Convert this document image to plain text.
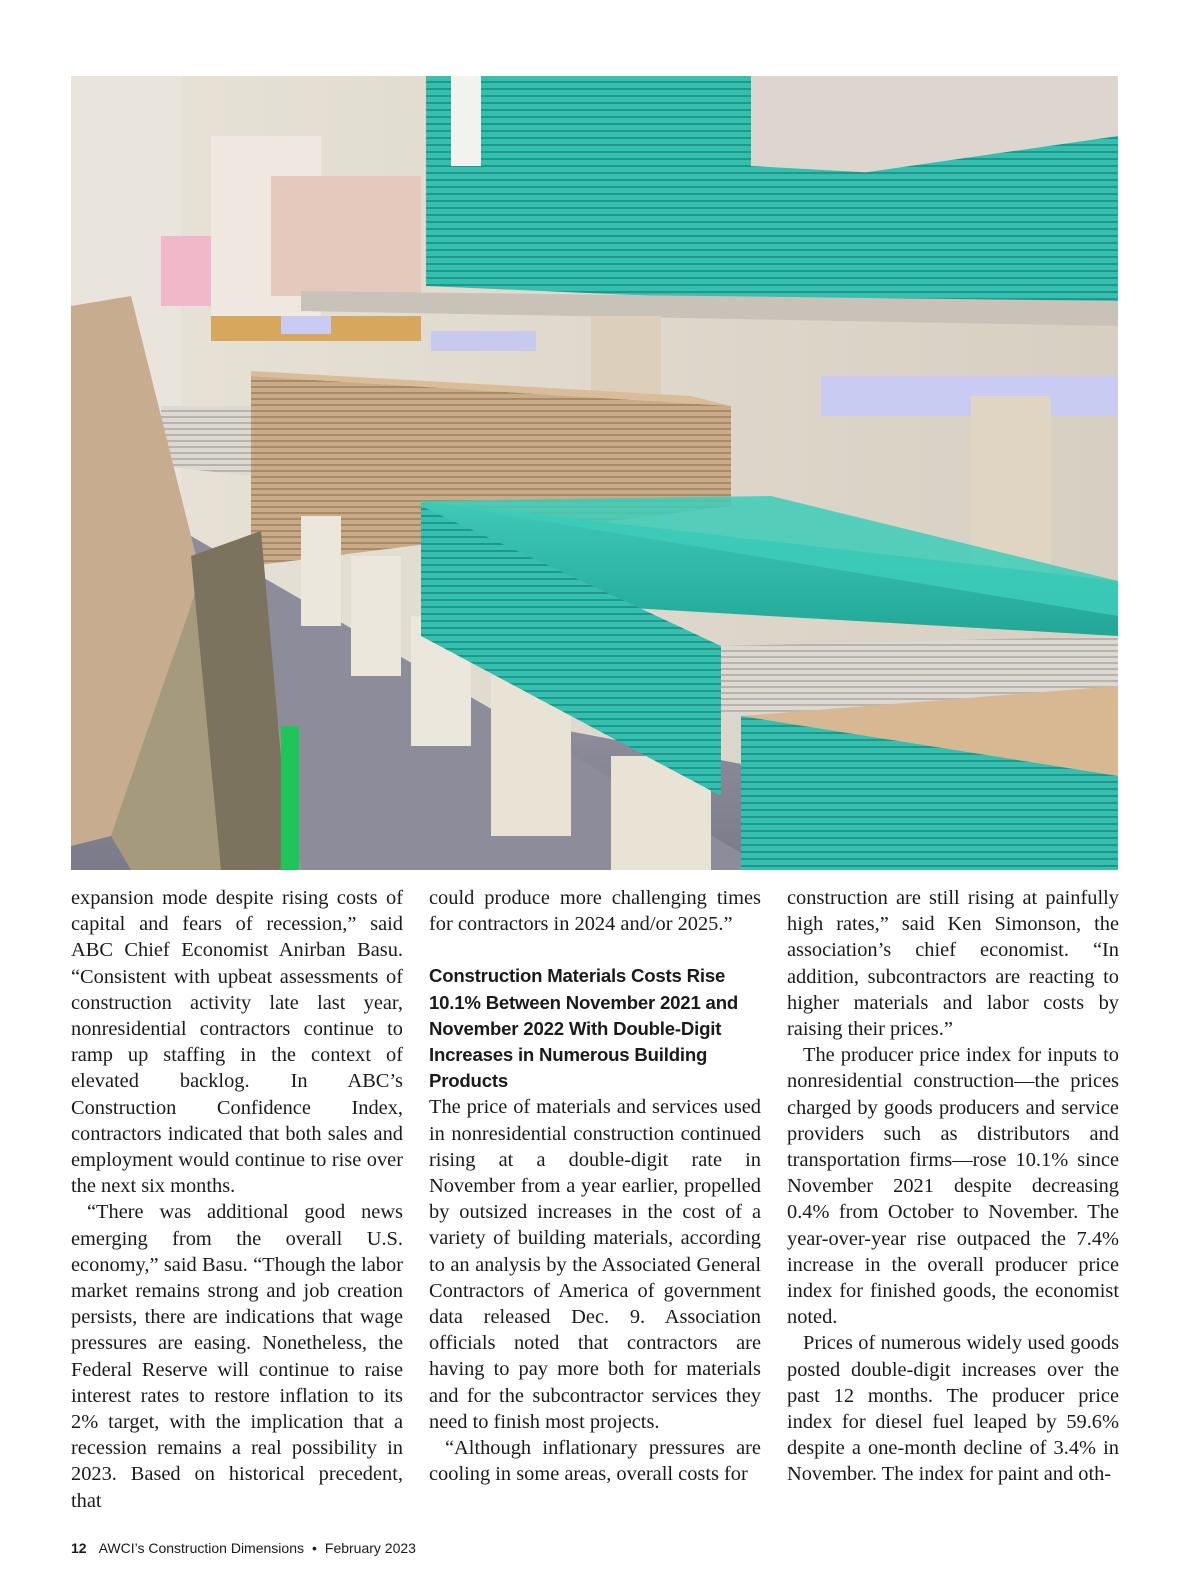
expansion mode despite rising costs of capital and fears of recession,” said ABC Chief Economist Anirban Basu. “Consistent with upbeat assessments of construction activity late last year, nonresidential contractors continue to ramp up staffing in the context of elevated backlog. In ABC’s Construction Confidence Index, contractors indicated that both sales and employment would continue to rise over the next six months.

“There was additional good news emerging from the overall U.S. economy,” said Basu. “Though the labor market remains strong and job creation persists, there are indications that wage pressures are easing. Nonetheless, the Federal Reserve will continue to raise interest rates to restore inflation to its 2% target, with the implication that a recession remains a real possibility in 2023. Based on historical precedent, that

could produce more challenging times for contractors in 2024 and/or 2025.”

Construction Materials Costs Rise 10.1% Between November 2021 and November 2022 With Double-Digit Increases in Numerous Building Products

The price of materials and services used in nonresidential construction continued rising at a double-digit rate in November from a year earlier, propelled by outsized increases in the cost of a variety of building materials, according to an analysis by the Associated General Contractors of America of government data released Dec. 9. Association officials noted that contractors are having to pay more both for materials and for the subcontractor services they need to finish most projects.

“Although inflationary pressures are cooling in some areas, overall costs for

construction are still rising at painfully high rates,” said Ken Simonson, the association’s chief economist. “In addition, subcontractors are reacting to higher materials and labor costs by raising their prices.”

The producer price index for inputs to nonresidential construction—the prices charged by goods producers and service providers such as distributors and transportation firms—rose 10.1% since November 2021 despite decreasing 0.4% from October to November. The year-over-year rise outpaced the 7.4% increase in the overall producer price index for finished goods, the economist noted.

Prices of numerous widely used goods posted double-digit increases over the past 12 months. The producer price index for diesel fuel leaped by 59.6% despite a one-month decline of 3.4% in November. The index for paint and oth-

12 AWCI’s Construction Dimensions • February 2023
